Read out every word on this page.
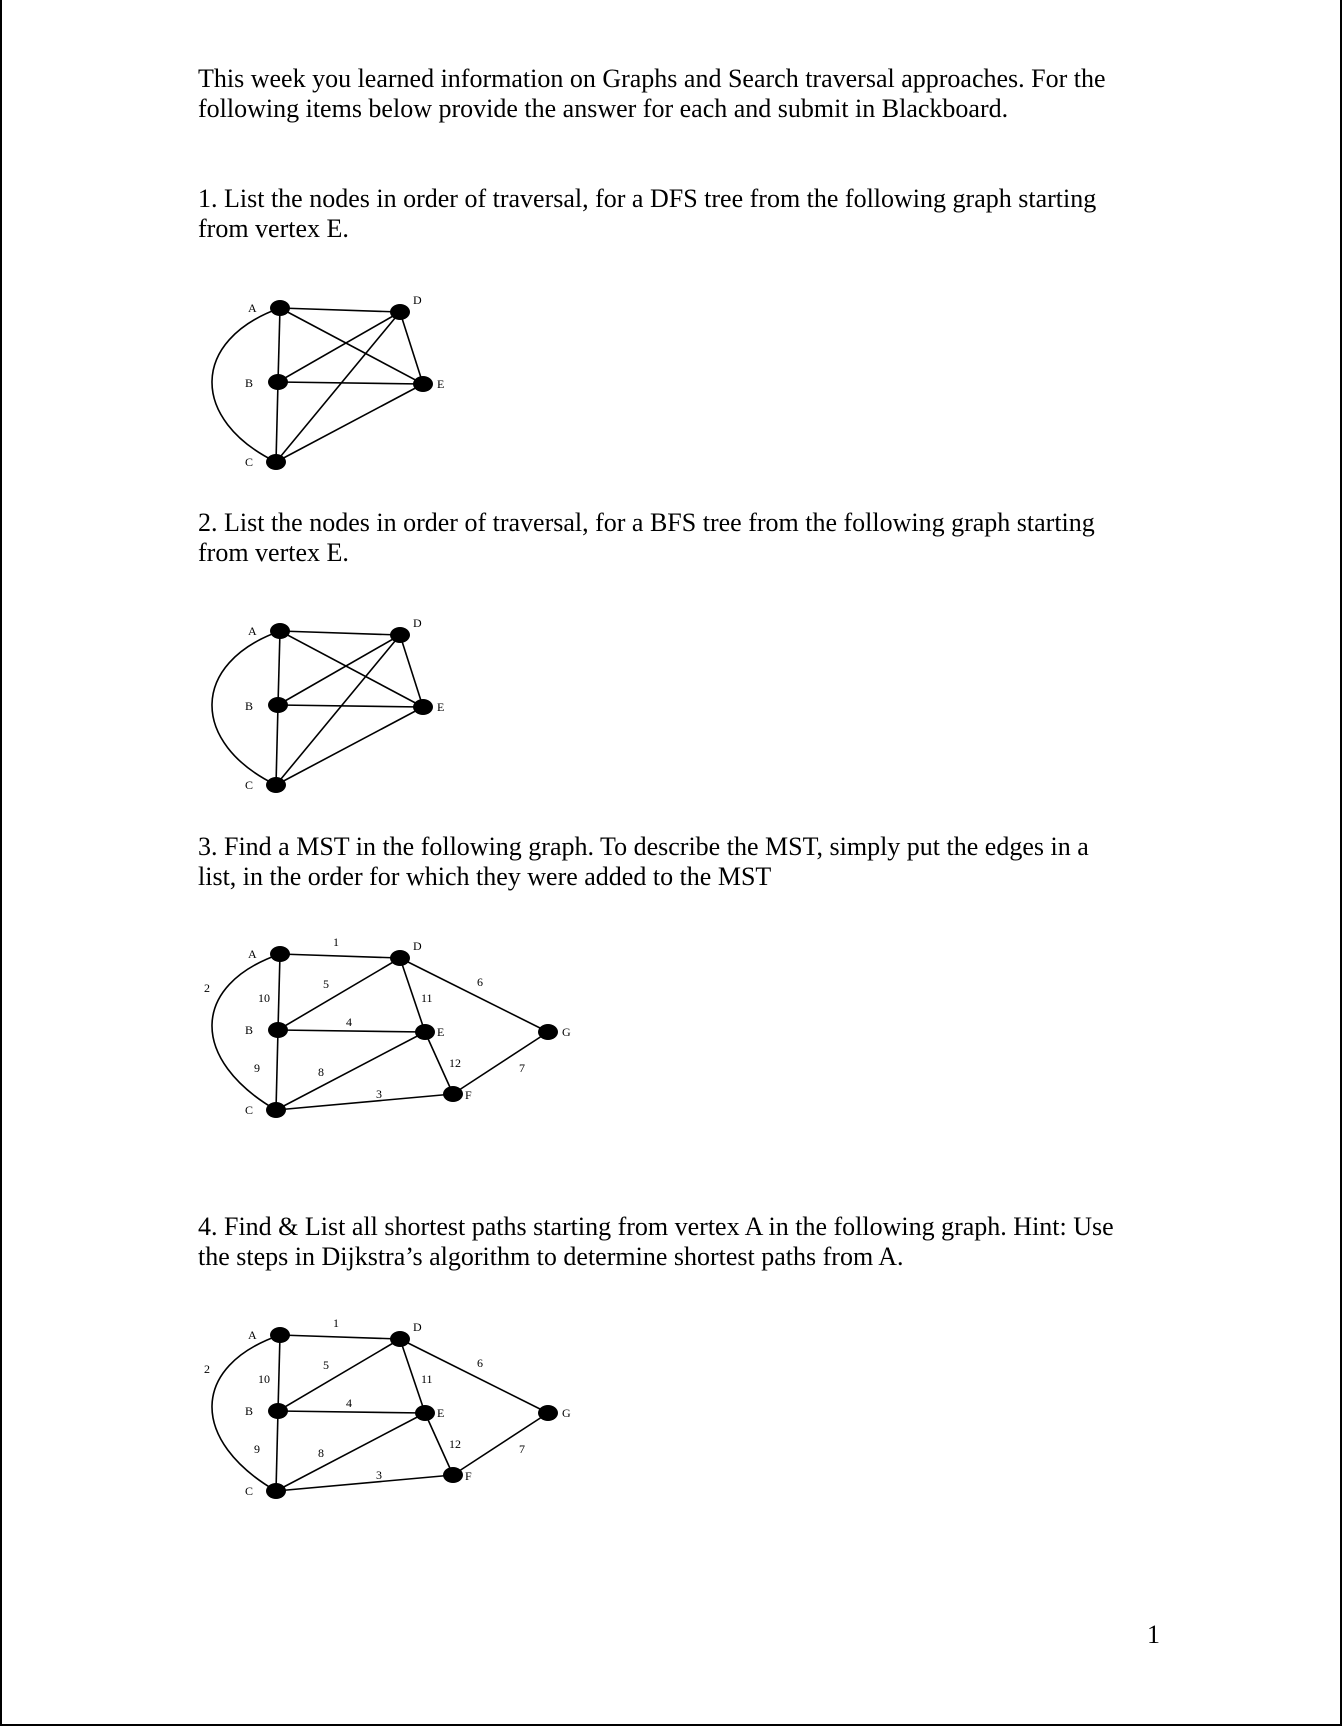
This week you learned information on Graphs and Search traversal approaches. For the following items below provide the answer for each and submit in Blackboard.

1. List the nodes in order of traversal, for a DFS tree from the following graph starting from vertex E.

A
B
C
D
E

2. List the nodes in order of traversal, for a BFS tree from the following graph starting from vertex E.

A
B
C
D
E

3. Find a MST in the following graph. To describe the MST, simply put the edges in a list, in the order for which they were added to the MST

A
B
C
D
E
F
G
1
2
3
4
5	6
7
8
9
10	11
12

4. Find & List all shortest paths starting from vertex A in the following graph. Hint: Use the steps in Dijkstra’s algorithm to determine shortest paths from A.

A
B
C
D
E
F
G
1
2
3
4
5	6
7
8
9
10	11
12
1
